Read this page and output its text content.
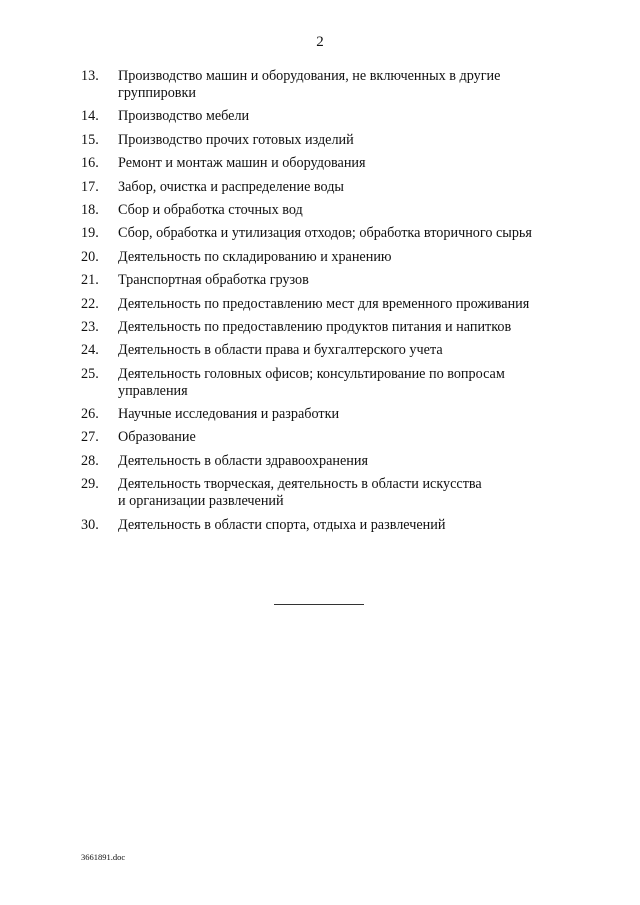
2
13.	Производство машин и оборудования, не включенных в другие
группировки
14.	Производство мебели
15.	Производство прочих готовых изделий
16.	Ремонт и монтаж машин и оборудования
17.	Забор, очистка и распределение воды
18.	Сбор и обработка сточных вод
19.	Сбор, обработка и утилизация отходов; обработка вторичного сырья
20.	Деятельность по складированию и хранению
21.	Транспортная обработка грузов
22.	Деятельность по предоставлению мест для временного проживания
23.	Деятельность по предоставлению продуктов питания и напитков
24.	Деятельность в области права и бухгалтерского учета
25.	Деятельность головных офисов; консультирование по вопросам
управления
26.	Научные исследования и разработки
27.	Образование
28.	Деятельность в области здравоохранения
29.	Деятельность творческая, деятельность в области искусства
и организации развлечений
30.	Деятельность в области спорта, отдыха и развлечений
3661891.doc
